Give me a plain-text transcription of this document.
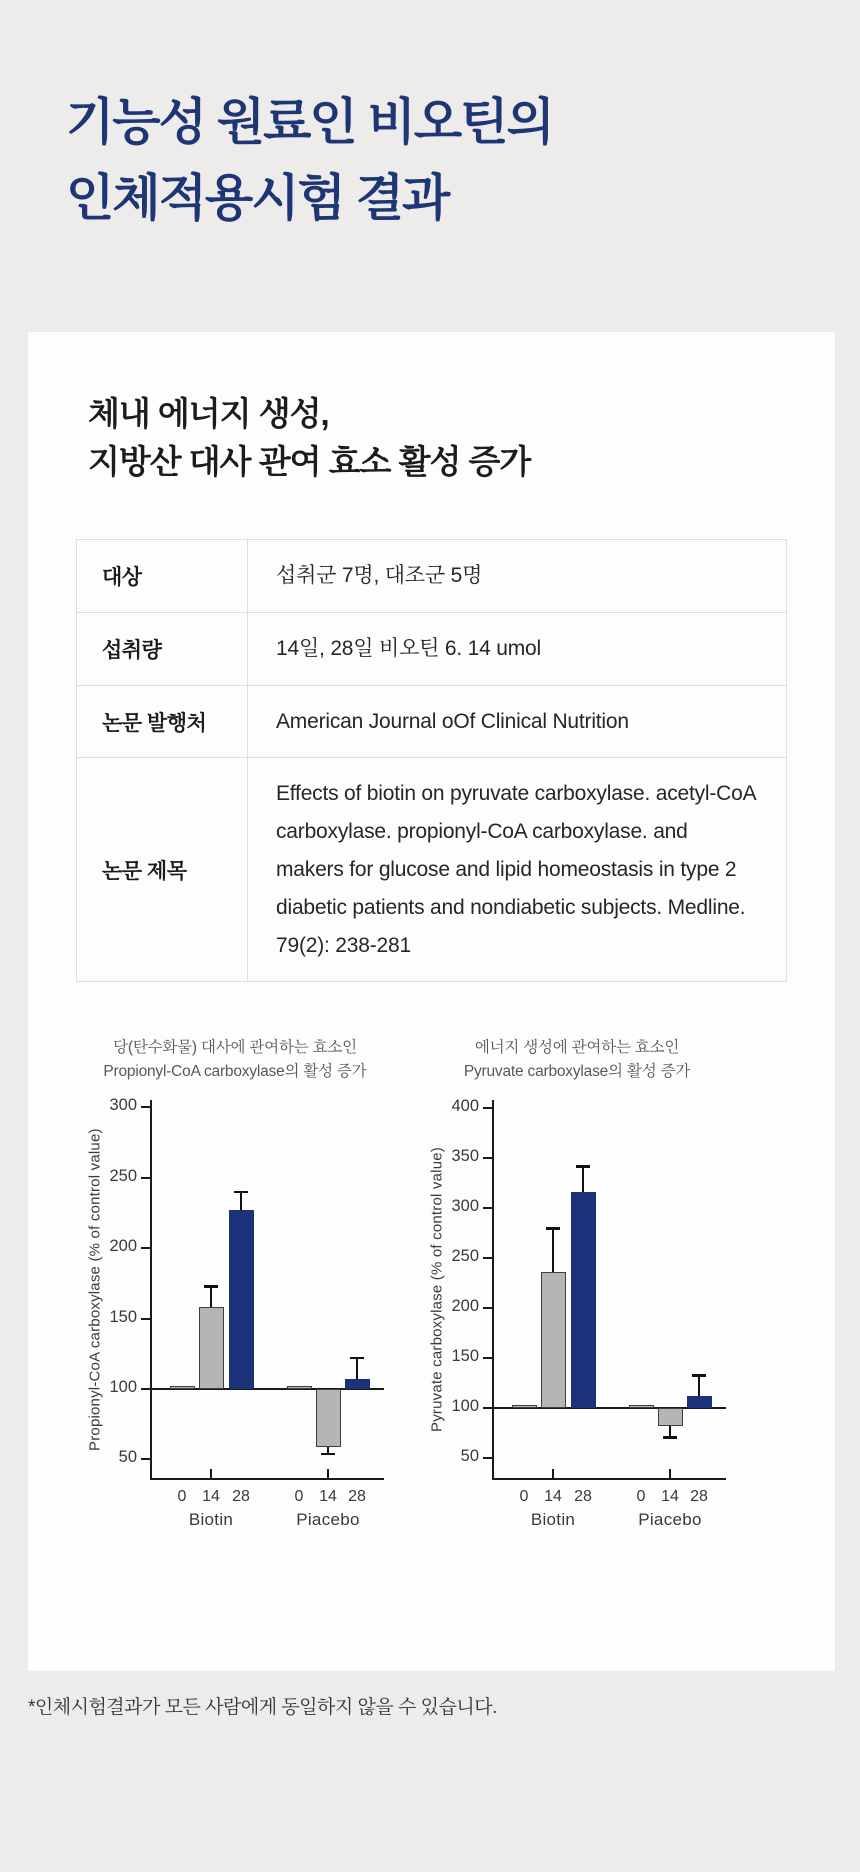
기능성 원료인 비오틴의
인체적용시험 결과
체내 에너지 생성,
지방산 대사 관여 효소 활성 증가
대상	섭취군 7명, 대조군 5명
섭취량	14일, 28일 비오틴 6. 14 umol
논문 발행처	American Journal oOf Clinical Nutrition
논문 제목	Effects of biotin on pyruvate carboxylase. acetyl-CoA carboxylase. propionyl-CoA carboxylase. and makers for glucose and lipid homeostasis in type 2 diabetic patients and nondiabetic subjects. Medline. 79(2): 238-281
당(탄수화물) 대사에 관여하는 효소인
Propionyl-CoA carboxylase의 활성 증가
Propionyl-CoA carboxylase (% of control value)
300
250
200
150
100
50
0 14 28	0 14 28
Biotin	Piacebo
에너지 생성에 관여하는 효소인
Pyruvate carboxylase의 활성 증가
Pyruvate carboxylase (% of control value)
400
350
300
250
200
150
100
50
0 14 28	0 14 28
Biotin	Piacebo

*인체시험결과가 모든 사람에게 동일하지 않을 수 있습니다.
